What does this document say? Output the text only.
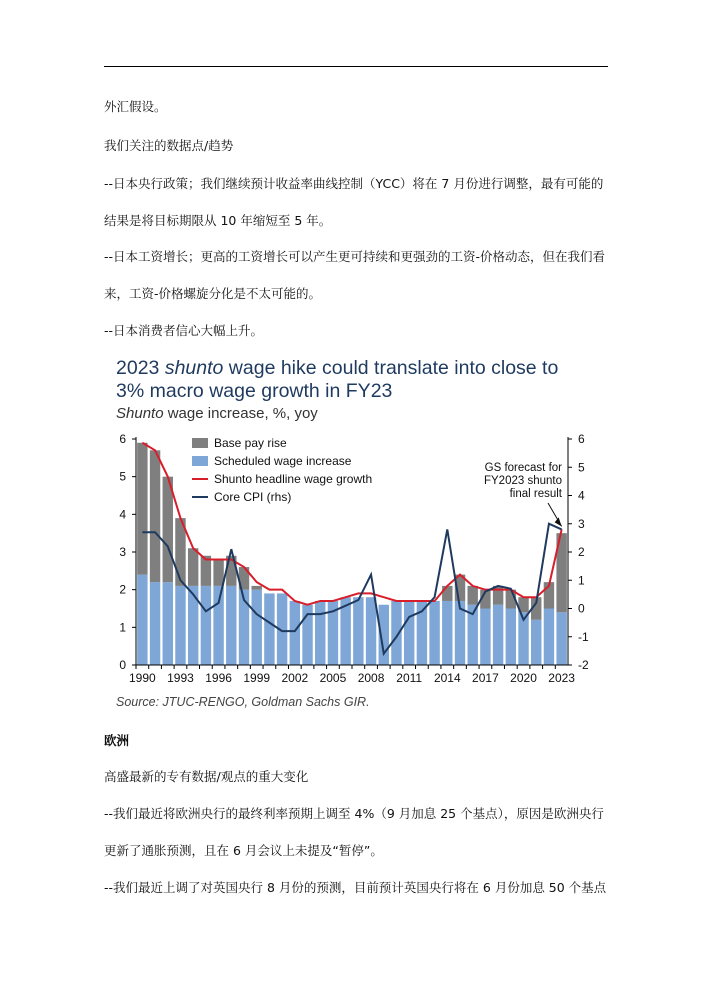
外汇假设。
我们关注的数据点/趋势
--日本央行政策；我们继续预计收益率曲线控制（YCC）将在 7 月份进行调整，最有可能的
结果是将目标期限从 10 年缩短至 5 年。
--日本工资增长；更高的工资增长可以产生更可持续和更强劲的工资-价格动态，但在我们看
来，工资-价格螺旋分化是不太可能的。
--日本消费者信心大幅上升。
2023 shunto wage hike could translate into close to
3% macro wage growth in FY23
Shunto wage increase, %, yoy
0
1
2
3
4
5
6
-2
-1
0
1
2
3
4
5
6
1990 1993 1996 1999 2002 2005 2008 2011 2014 2017 2020 2023
Base pay rise
Scheduled wage increase
Shunto headline wage growth
Core CPI (rhs)
GS forecast for
FY2023 shunto
final result
Source: JTUC-RENGO, Goldman Sachs GIR.
欧洲
高盛最新的专有数据/观点的重大变化
--我们最近将欧洲央行的最终利率预期上调至 4%（9 月加息 25 个基点），原因是欧洲央行
更新了通胀预测，且在 6 月会议上未提及“暂停”。
--我们最近上调了对英国央行 8 月份的预测，目前预计英国央行将在 6 月份加息 50 个基点
